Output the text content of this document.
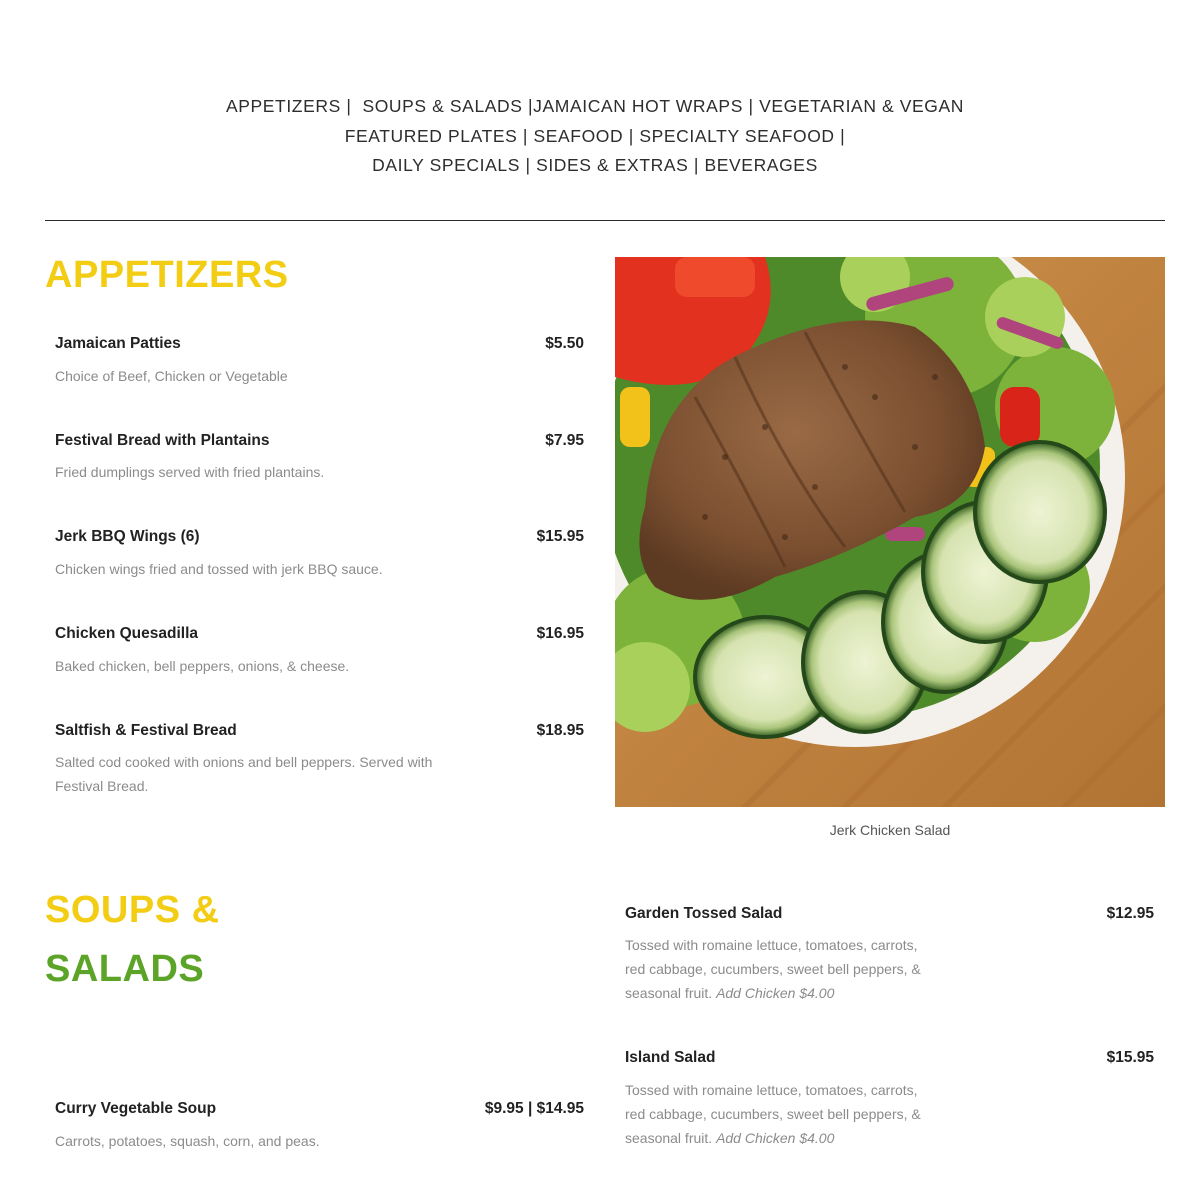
APPETIZERS |  SOUPS & SALADS |JAMAICAN HOT WRAPS | VEGETARIAN & VEGAN
FEATURED PLATES | SEAFOOD | SPECIALTY SEAFOOD |
DAILY SPECIALS | SIDES & EXTRAS | BEVERAGES
APPETIZERS
Jamaican Patties	$5.50
Choice of Beef, Chicken or Vegetable
Festival Bread with Plantains	$7.95
Fried dumplings served with fried plantains.
Jerk BBQ Wings (6)	$15.95
Chicken wings fried and tossed with jerk BBQ sauce.
Chicken Quesadilla	$16.95
Baked chicken, bell peppers, onions, & cheese.
Saltfish & Festival Bread	$18.95
Salted cod cooked with onions and bell peppers. Served with Festival Bread.
Jerk Chicken Salad
SOUPS &
SALADS
Curry Vegetable Soup	$9.95 | $14.95
Carrots, potatoes, squash, corn, and peas.
Garden Tossed Salad	$12.95
Tossed with romaine lettuce, tomatoes, carrots, red cabbage, cucumbers, sweet bell peppers, & seasonal fruit. Add Chicken $4.00
Island Salad	$15.95
Tossed with romaine lettuce, tomatoes, carrots, red cabbage, cucumbers, sweet bell peppers, & seasonal fruit. Add Chicken $4.00
